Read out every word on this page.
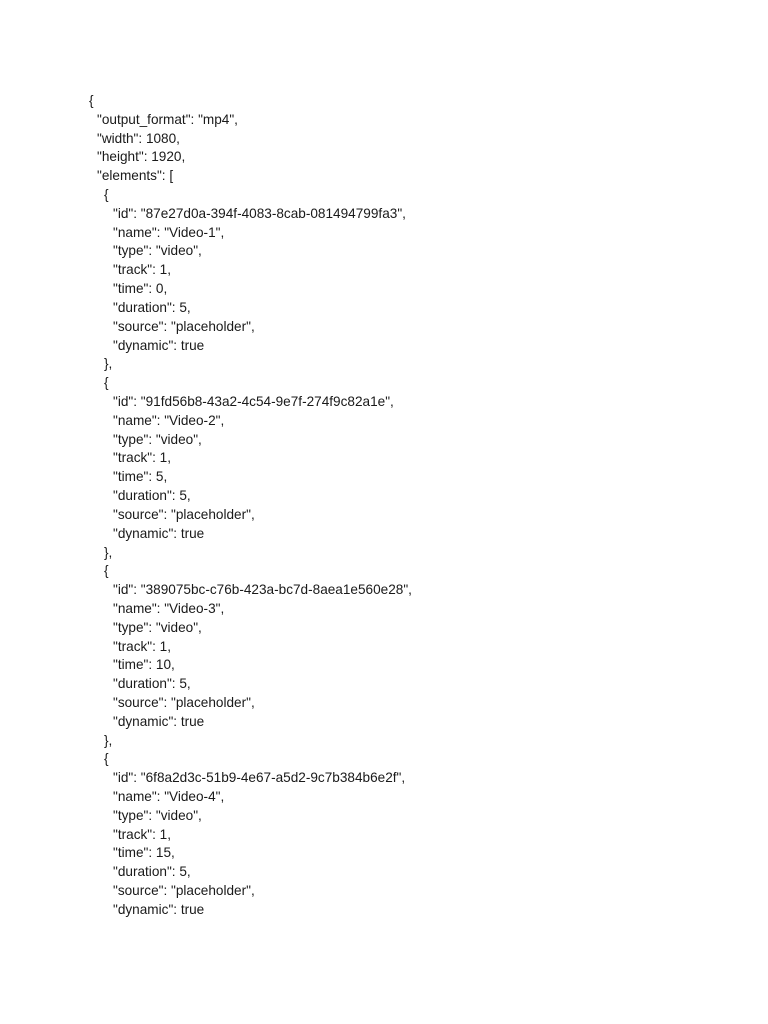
{
"output_format": "mp4",
"width": 1080,
"height": 1920,
"elements": [
{
"id": "87e27d0a-394f-4083-8cab-081494799fa3",
"name": "Video-1",
"type": "video",
"track": 1,
"time": 0,
"duration": 5,
"source": "placeholder",
"dynamic": true
},
{
"id": "91fd56b8-43a2-4c54-9e7f-274f9c82a1e",
"name": "Video-2",
"type": "video",
"track": 1,
"time": 5,
"duration": 5,
"source": "placeholder",
"dynamic": true
},
{
"id": "389075bc-c76b-423a-bc7d-8aea1e560e28",
"name": "Video-3",
"type": "video",
"track": 1,
"time": 10,
"duration": 5,
"source": "placeholder",
"dynamic": true
},
{
"id": "6f8a2d3c-51b9-4e67-a5d2-9c7b384b6e2f",
"name": "Video-4",
"type": "video",
"track": 1,
"time": 15,
"duration": 5,
"source": "placeholder",
"dynamic": true
